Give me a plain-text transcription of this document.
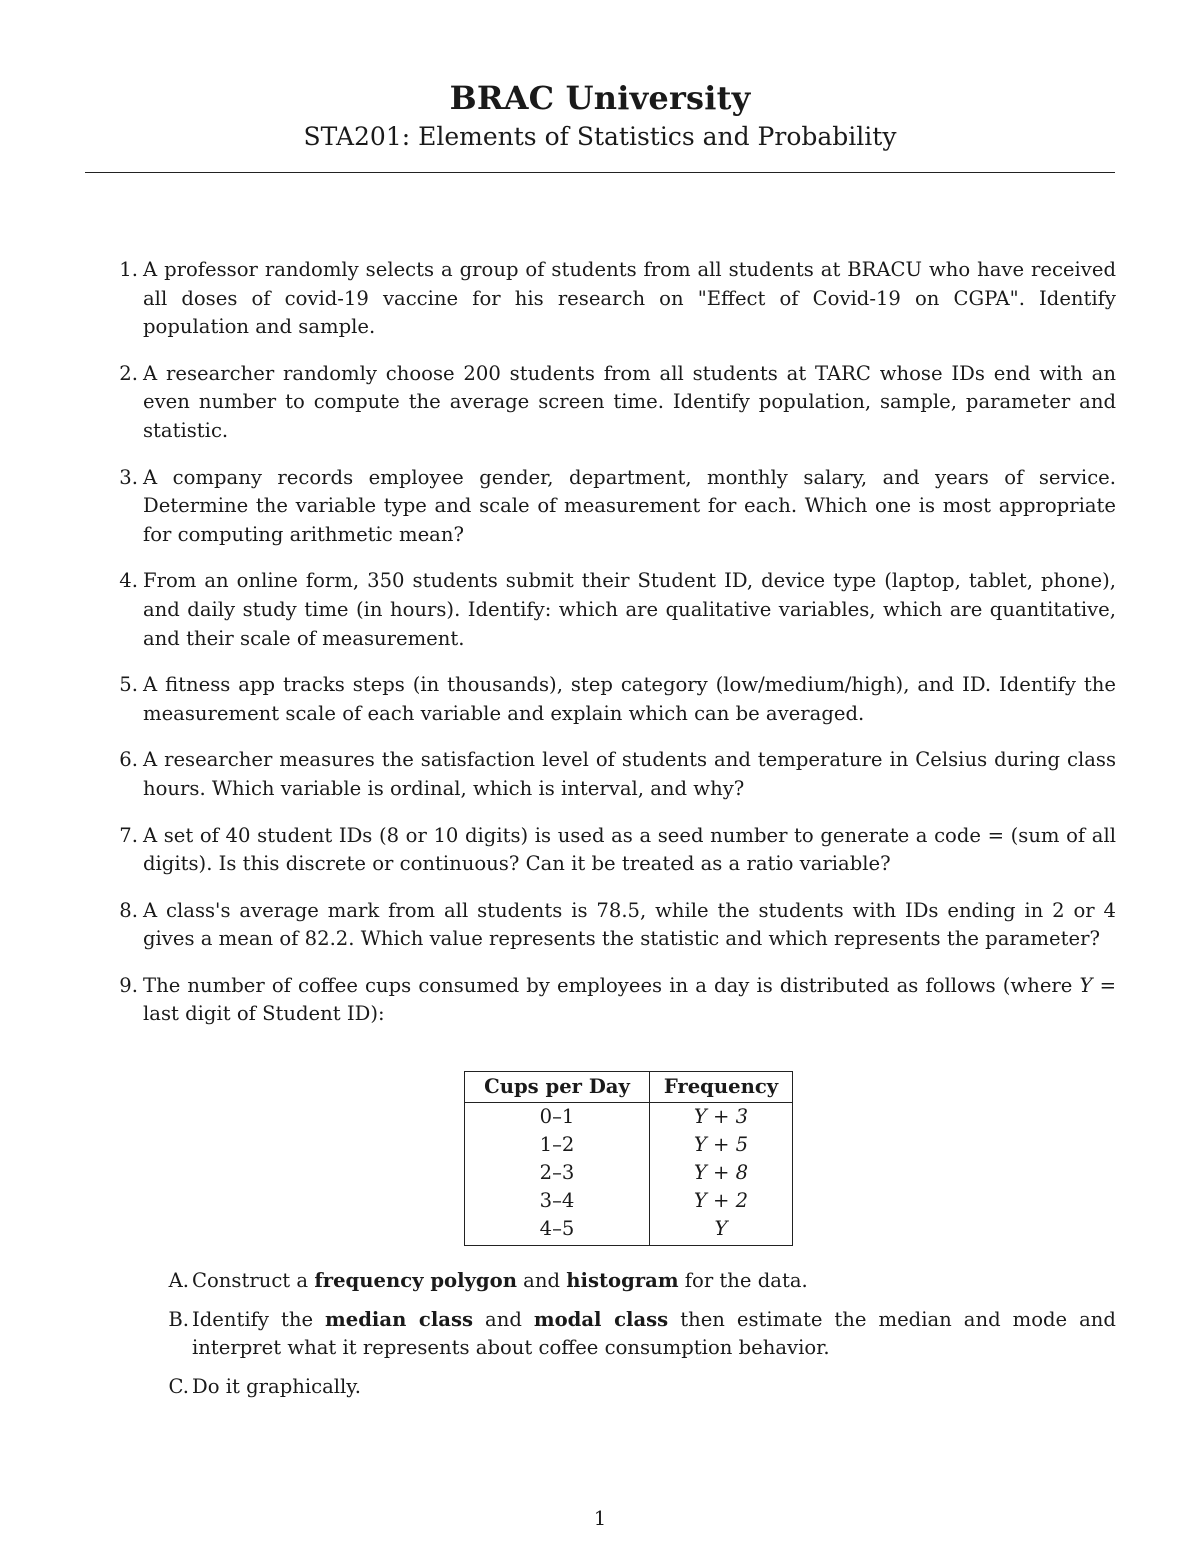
BRAC University
STA201: Elements of Statistics and Probability
1. A professor randomly selects a group of students from all students at BRACU who have received all doses of covid-19 vaccine for his research on "Effect of Covid-19 on CGPA". Identify population and sample.
2. A researcher randomly choose 200 students from all students at TARC whose IDs end with an even number to compute the average screen time. Identify population, sample, parameter and statistic.
3. A company records employee gender, department, monthly salary, and years of service. Determine the variable type and scale of measurement for each. Which one is most appropriate for computing arithmetic mean?
4. From an online form, 350 students submit their Student ID, device type (laptop, tablet, phone), and daily study time (in hours). Identify: which are qualitative variables, which are quantitative, and their scale of measurement.
5. A fitness app tracks steps (in thousands), step category (low/medium/high), and ID. Identify the measurement scale of each variable and explain which can be averaged.
6. A researcher measures the satisfaction level of students and temperature in Celsius during class hours. Which variable is ordinal, which is interval, and why?
7. A set of 40 student IDs (8 or 10 digits) is used as a seed number to generate a code = (sum of all digits). Is this discrete or continuous? Can it be treated as a ratio variable?
8. A class's average mark from all students is 78.5, while the students with IDs ending in 2 or 4 gives a mean of 82.2. Which value represents the statistic and which represents the parameter?
9. The number of coffee cups consumed by employees in a day is distributed as follows (where Y = last digit of Student ID):
Cups per Day	Frequency
0–1	Y + 3
1–2	Y + 5
2–3	Y + 8
3–4	Y + 2
4–5	Y
A. Construct a frequency polygon and histogram for the data.
B. Identify the median class and modal class then estimate the median and mode and interpret what it represents about coffee consumption behavior.
C. Do it graphically.
1
